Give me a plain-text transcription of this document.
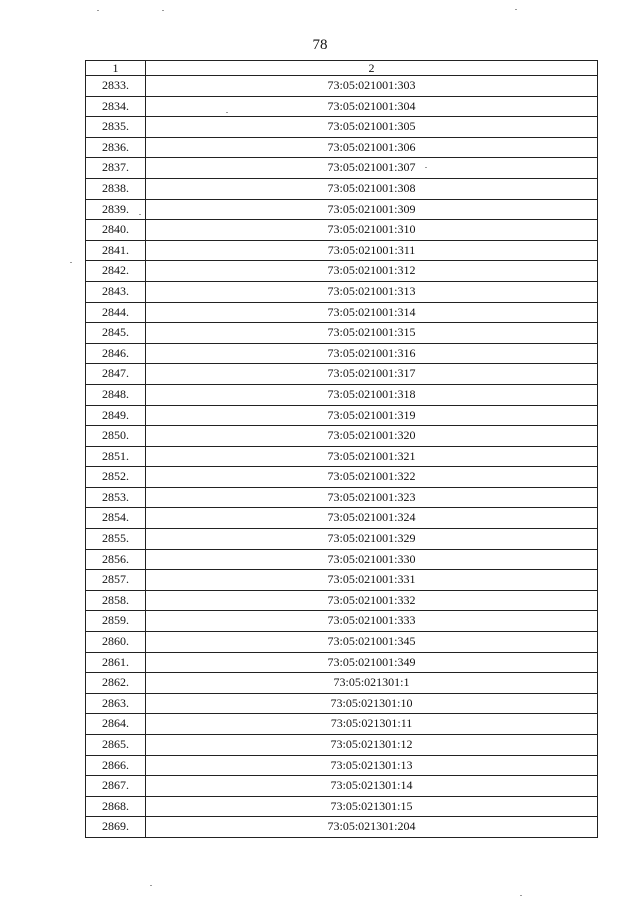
78
1	2
2833.	73:05:021001:303
2834.	73:05:021001:304
2835.	73:05:021001:305
2836.	73:05:021001:306
2837.	73:05:021001:307
2838.	73:05:021001:308
2839.	73:05:021001:309
2840.	73:05:021001:310
2841.	73:05:021001:311
2842.	73:05:021001:312
2843.	73:05:021001:313
2844.	73:05:021001:314
2845.	73:05:021001:315
2846.	73:05:021001:316
2847.	73:05:021001:317
2848.	73:05:021001:318
2849.	73:05:021001:319
2850.	73:05:021001:320
2851.	73:05:021001:321
2852.	73:05:021001:322
2853.	73:05:021001:323
2854.	73:05:021001:324
2855.	73:05:021001:329
2856.	73:05:021001:330
2857.	73:05:021001:331
2858.	73:05:021001:332
2859.	73:05:021001:333
2860.	73:05:021001:345
2861.	73:05:021001:349
2862.	73:05:021301:1
2863.	73:05:021301:10
2864.	73:05:021301:11
2865.	73:05:021301:12
2866.	73:05:021301:13
2867.	73:05:021301:14
2868.	73:05:021301:15
2869.	73:05:021301:204
